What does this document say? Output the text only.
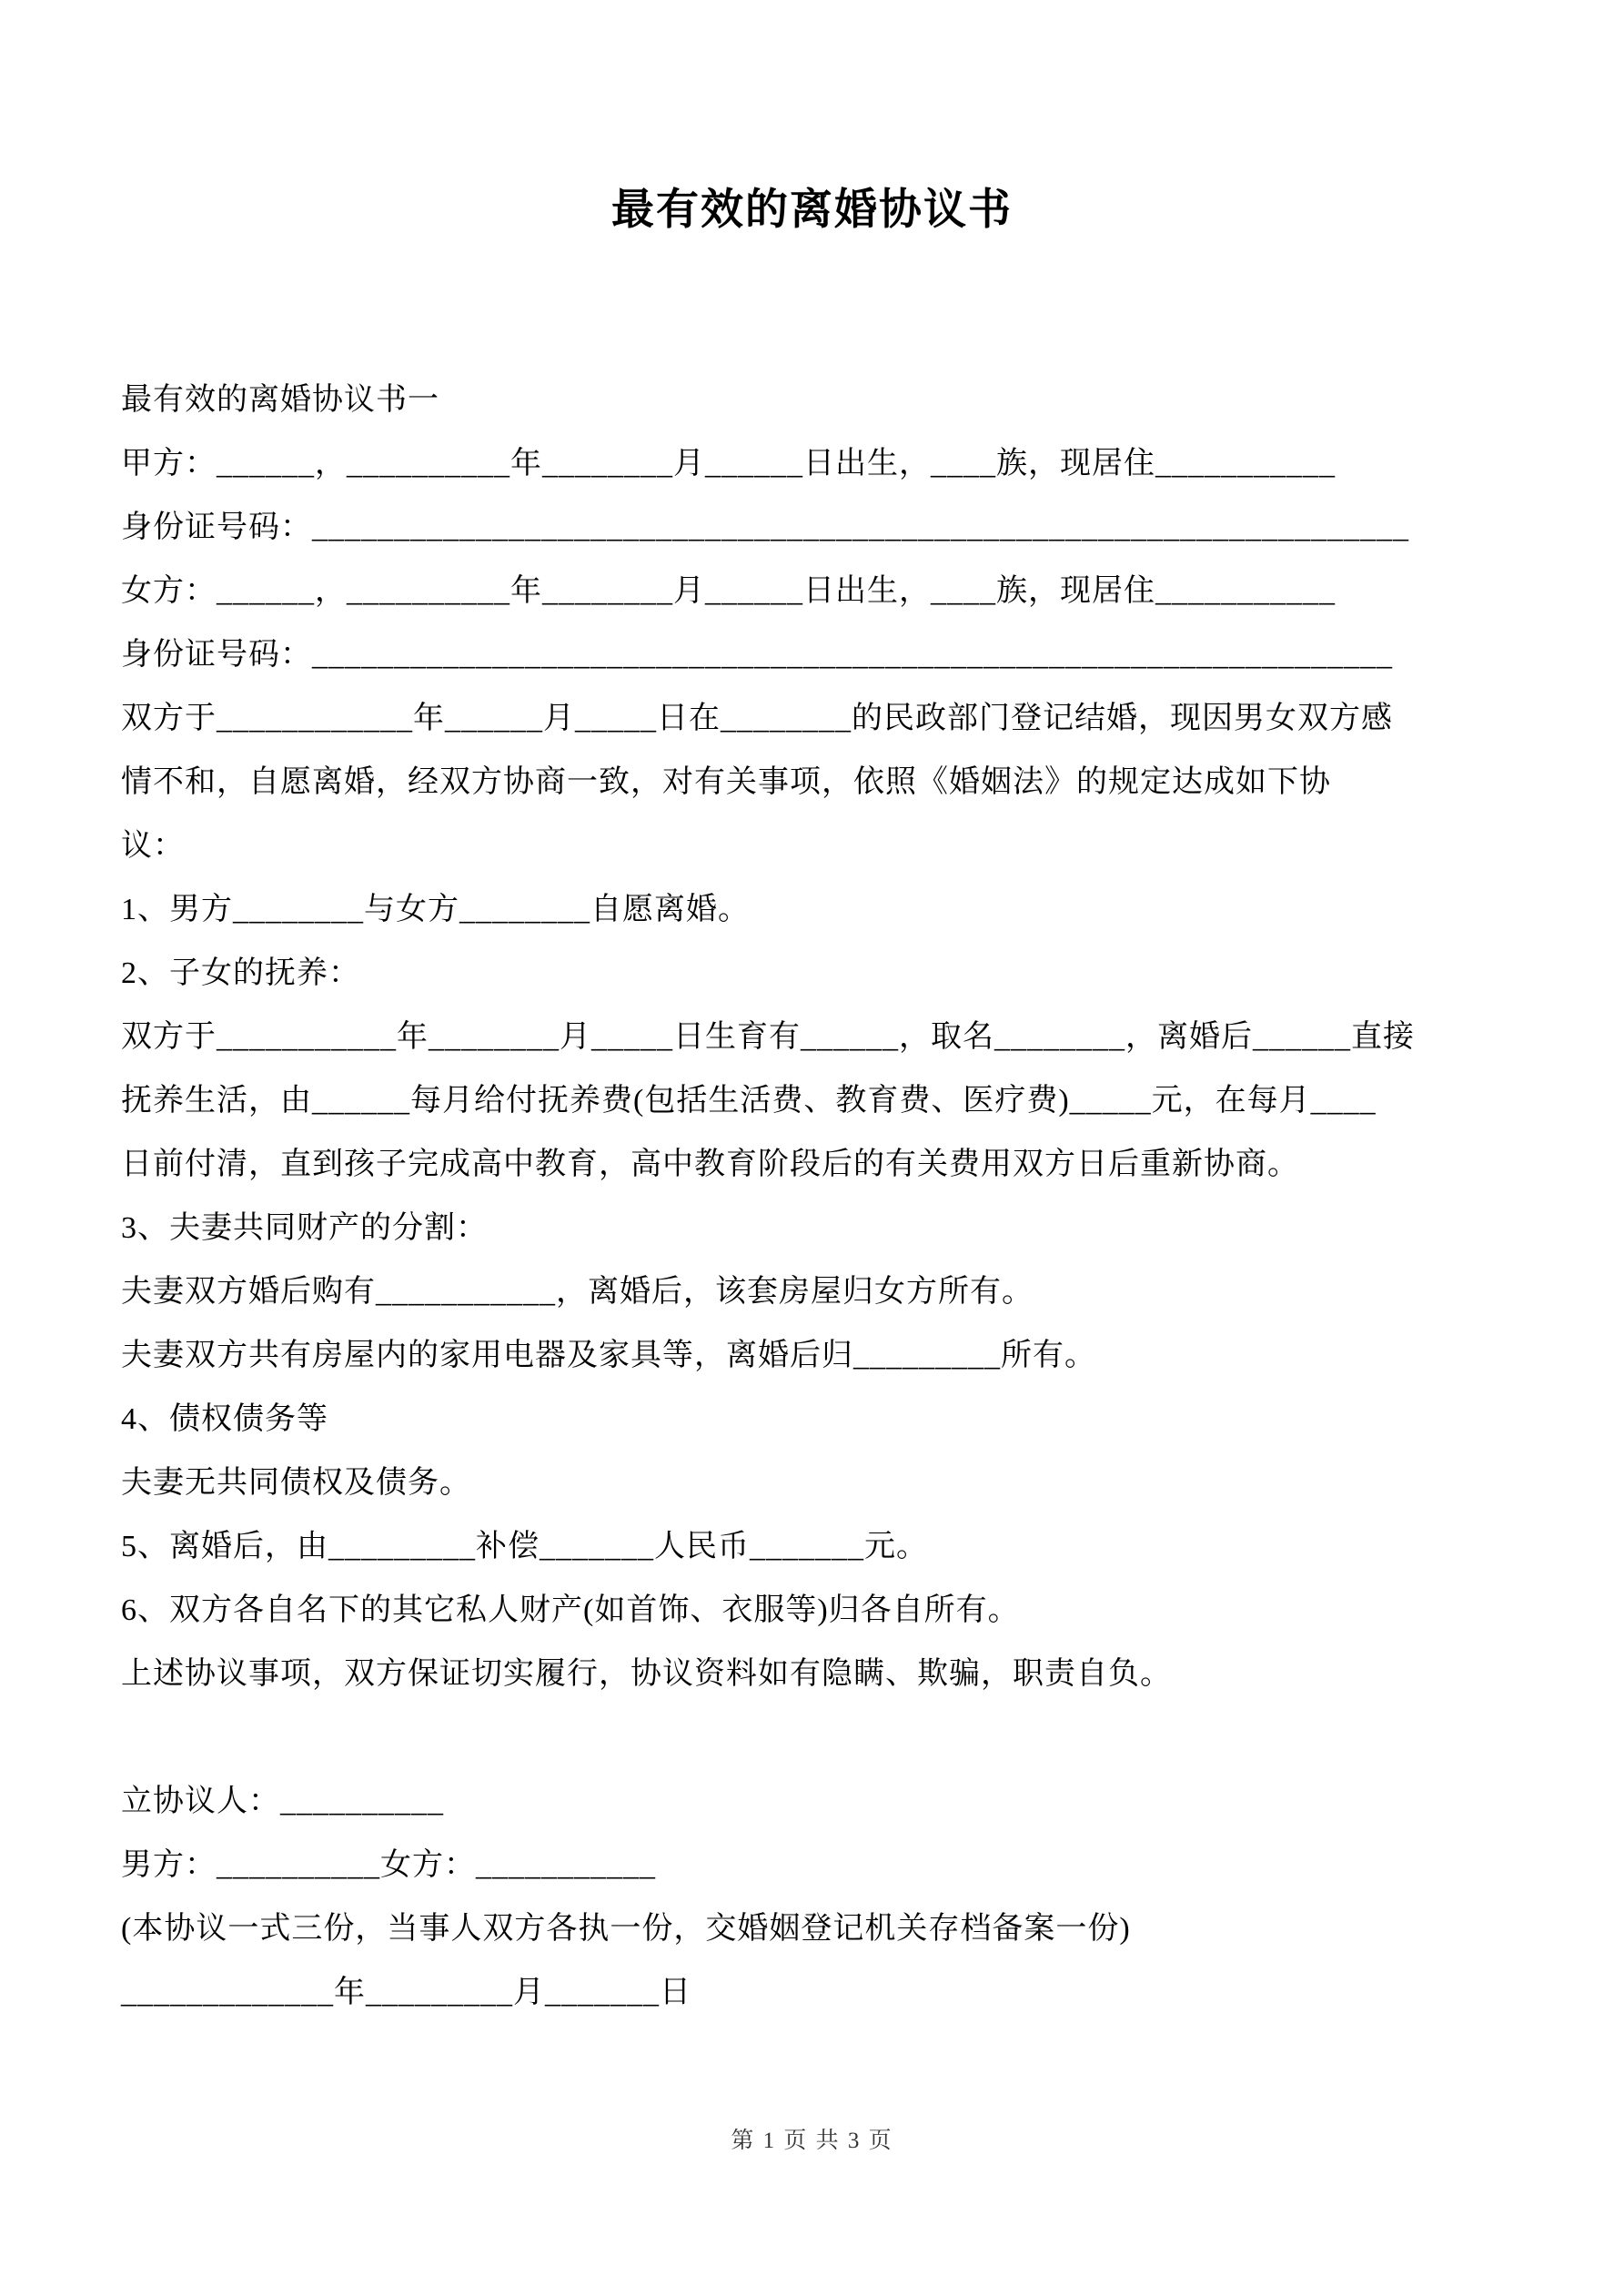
最有效的离婚协议书
最有效的离婚协议书一
甲方：______，__________年________月______日出生，____族，现居住___________
身份证号码：___________________________________________________________________
女方：______，__________年________月______日出生，____族，现居住___________
身份证号码：__________________________________________________________________
双方于____________年______月_____日在________的民政部门登记结婚，现因男女双方感
情不和，自愿离婚，经双方协商一致，对有关事项，依照《婚姻法》的规定达成如下协
议：
1、男方________与女方________自愿离婚。
2、子女的抚养：
双方于___________年________月_____日生育有______，取名________，离婚后______直接
抚养生活，由______每月给付抚养费(包括生活费、教育费、医疗费)_____元，在每月____
日前付清，直到孩子完成高中教育，高中教育阶段后的有关费用双方日后重新协商。
3、夫妻共同财产的分割：
夫妻双方婚后购有___________，离婚后，该套房屋归女方所有。
夫妻双方共有房屋内的家用电器及家具等，离婚后归_________所有。
4、债权债务等
夫妻无共同债权及债务。
5、离婚后，由_________补偿_______人民币_______元。
6、双方各自名下的其它私人财产(如首饰、衣服等)归各自所有。
上述协议事项，双方保证切实履行，协议资料如有隐瞒、欺骗，职责自负。
立协议人：__________
男方：__________女方：___________
(本协议一式三份，当事人双方各执一份，交婚姻登记机关存档备案一份)
_____________年_________月_______日
第 1 页 共 3 页
